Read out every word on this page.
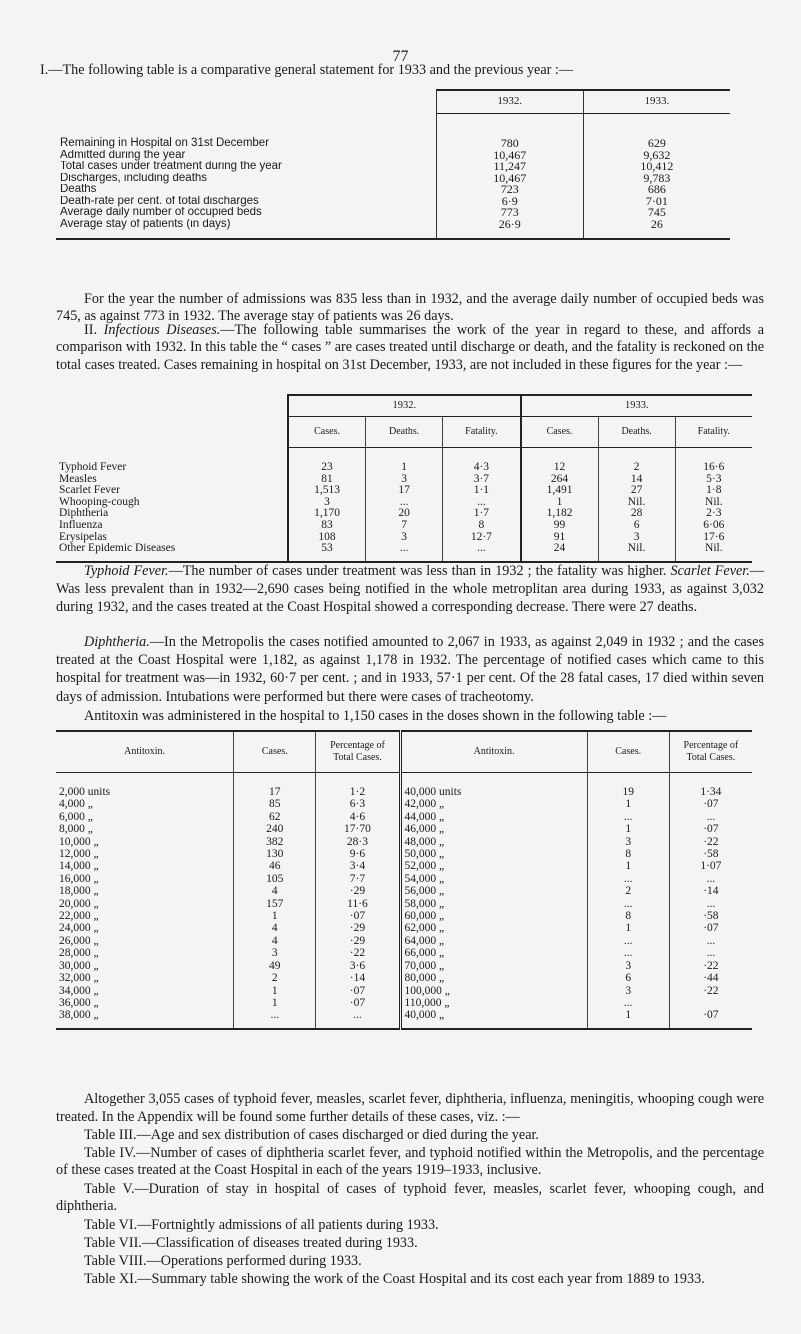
77

I.—The following table is a comparative general statement for 1933 and the previous year :—

	1932.	1933.
Remaining in Hospital on 31st December	780	629
Admitted during the year	10,467	9,632
Total cases under treatment during the year	11,247	10,412
Discharges, including deaths	10,467	9,783
Deaths	723	686
Death-rate per cent. of total discharges	6·9	7·01
Average daily number of occupied beds	773	745
Average stay of patients (in days)	26·9	26

For the year the number of admissions was 835 less than in 1932, and the average daily number of occupied beds was 745, as against 773 in 1932. The average stay of patients was 26 days.

II. Infectious Diseases.—The following table summarises the work of the year in regard to these, and affords a comparison with 1932. In this table the “ cases ” are cases treated until discharge or death, and the fatality is reckoned on the total cases treated. Cases remaining in hospital on 31st December, 1933, are not included in these figures for the year :—
	1932.			1933.		
	Cases.	Deaths.	Fatality.	Cases.	Deaths.	Fatality.
Typhoid Fever	23	1	4·3	12	2	16·6
Measles	81	3	3·7	264	14	5·3
Scarlet Fever	1,513	17	1·1	1,491	27	1·8
Whooping-cough	3	...	...	1	Nil.	Nil.
Diphtheria	1,170	20	1·7	1,182	28	2·3
Influenza	83	7	8	99	6	6·06
Erysipelas	108	3	12·7	91	3	17·6
Other Epidemic Diseases	53	...	...	24	Nil.	Nil.
Typhoid Fever.—The number of cases under treatment was less than in 1932 ; the fatality was higher. Scarlet Fever.—Was less prevalent than in 1932—2,690 cases being notified in the whole metroplitan area during 1933, as against 3,032 during 1932, and the cases treated at the Coast Hospital showed a corresponding decrease. There were 27 deaths.
Diphtheria.—In the Metropolis the cases notified amounted to 2,067 in 1933, as against 2,049 in 1932 ; and the cases treated at the Coast Hospital were 1,182, as against 1,178 in 1932. The percentage of notified cases which came to this hospital for treatment was—in 1932, 60·7 per cent. ; and in 1933, 57·1 per cent. Of the 28 fatal cases, 17 died within seven days of admission. Intubations were performed but there were cases of tracheotomy.

Antitoxin was administered in the hospital to 1,150 cases in the doses shown in the following table :—

Antitoxin.	Cases.	Percentage of Total Cases.	Antitoxin.	Cases.	Percentage of Total Cases.
2,000 units	17	1·2	40,000 units	19	1·34
4,000 „	85	6·3	42,000 „	1	·07
6,000 „	62	4·6	44,000 „	...	...
8,000 „	240	17·70	46,000 „	1	·07
10,000 „	382	28·3	48,000 „	3	·22
12,000 „	130	9·6	50,000 „	8	·58
14,000 „	46	3·4	52,000 „	1	1·07
16,000 „	105	7·7	54,000 „	...	...
18,000 „	4	·29	56,000 „	2	·14
20,000 „	157	11·6	58,000 „	...	...
22,000 „	1	·07	60,000 „	8	·58
24,000 „	4	·29	62,000 „	1	·07
26,000 „	4	·29	64,000 „	...	...
28,000 „	3	·22	66,000 „	...	...
30,000 „	49	3·6	70,000 „	3	·22
32,000 „	2	·14	80,000 „	6	·44
34,000 „	1	·07	100,000 „	3	·22
36,000 „	1	·07	110,000 „	...	
38,000 „	...	...	40,000 „	1	·07
Altogether 3,055 cases of typhoid fever, measles, scarlet fever, diphtheria, influenza, meningitis, whooping cough were treated. In the Appendix will be found some further details of these cases, viz. :—

Table III.—Age and sex distribution of cases discharged or died during the year.

Table IV.—Number of cases of diphtheria scarlet fever, and typhoid notified within the Metropolis, and the percentage of these cases treated at the Coast Hospital in each of the years 1919–1933, inclusive.

Table V.—Duration of stay in hospital of cases of typhoid fever, measles, scarlet fever, whooping cough, and diphtheria.

Table VI.—Fortnightly admissions of all patients during 1933.

Table VII.—Classification of diseases treated during 1933.

Table VIII.—Operations performed during 1933.

Table XI.—Summary table showing the work of the Coast Hospital and its cost each year from 1889 to 1933.
